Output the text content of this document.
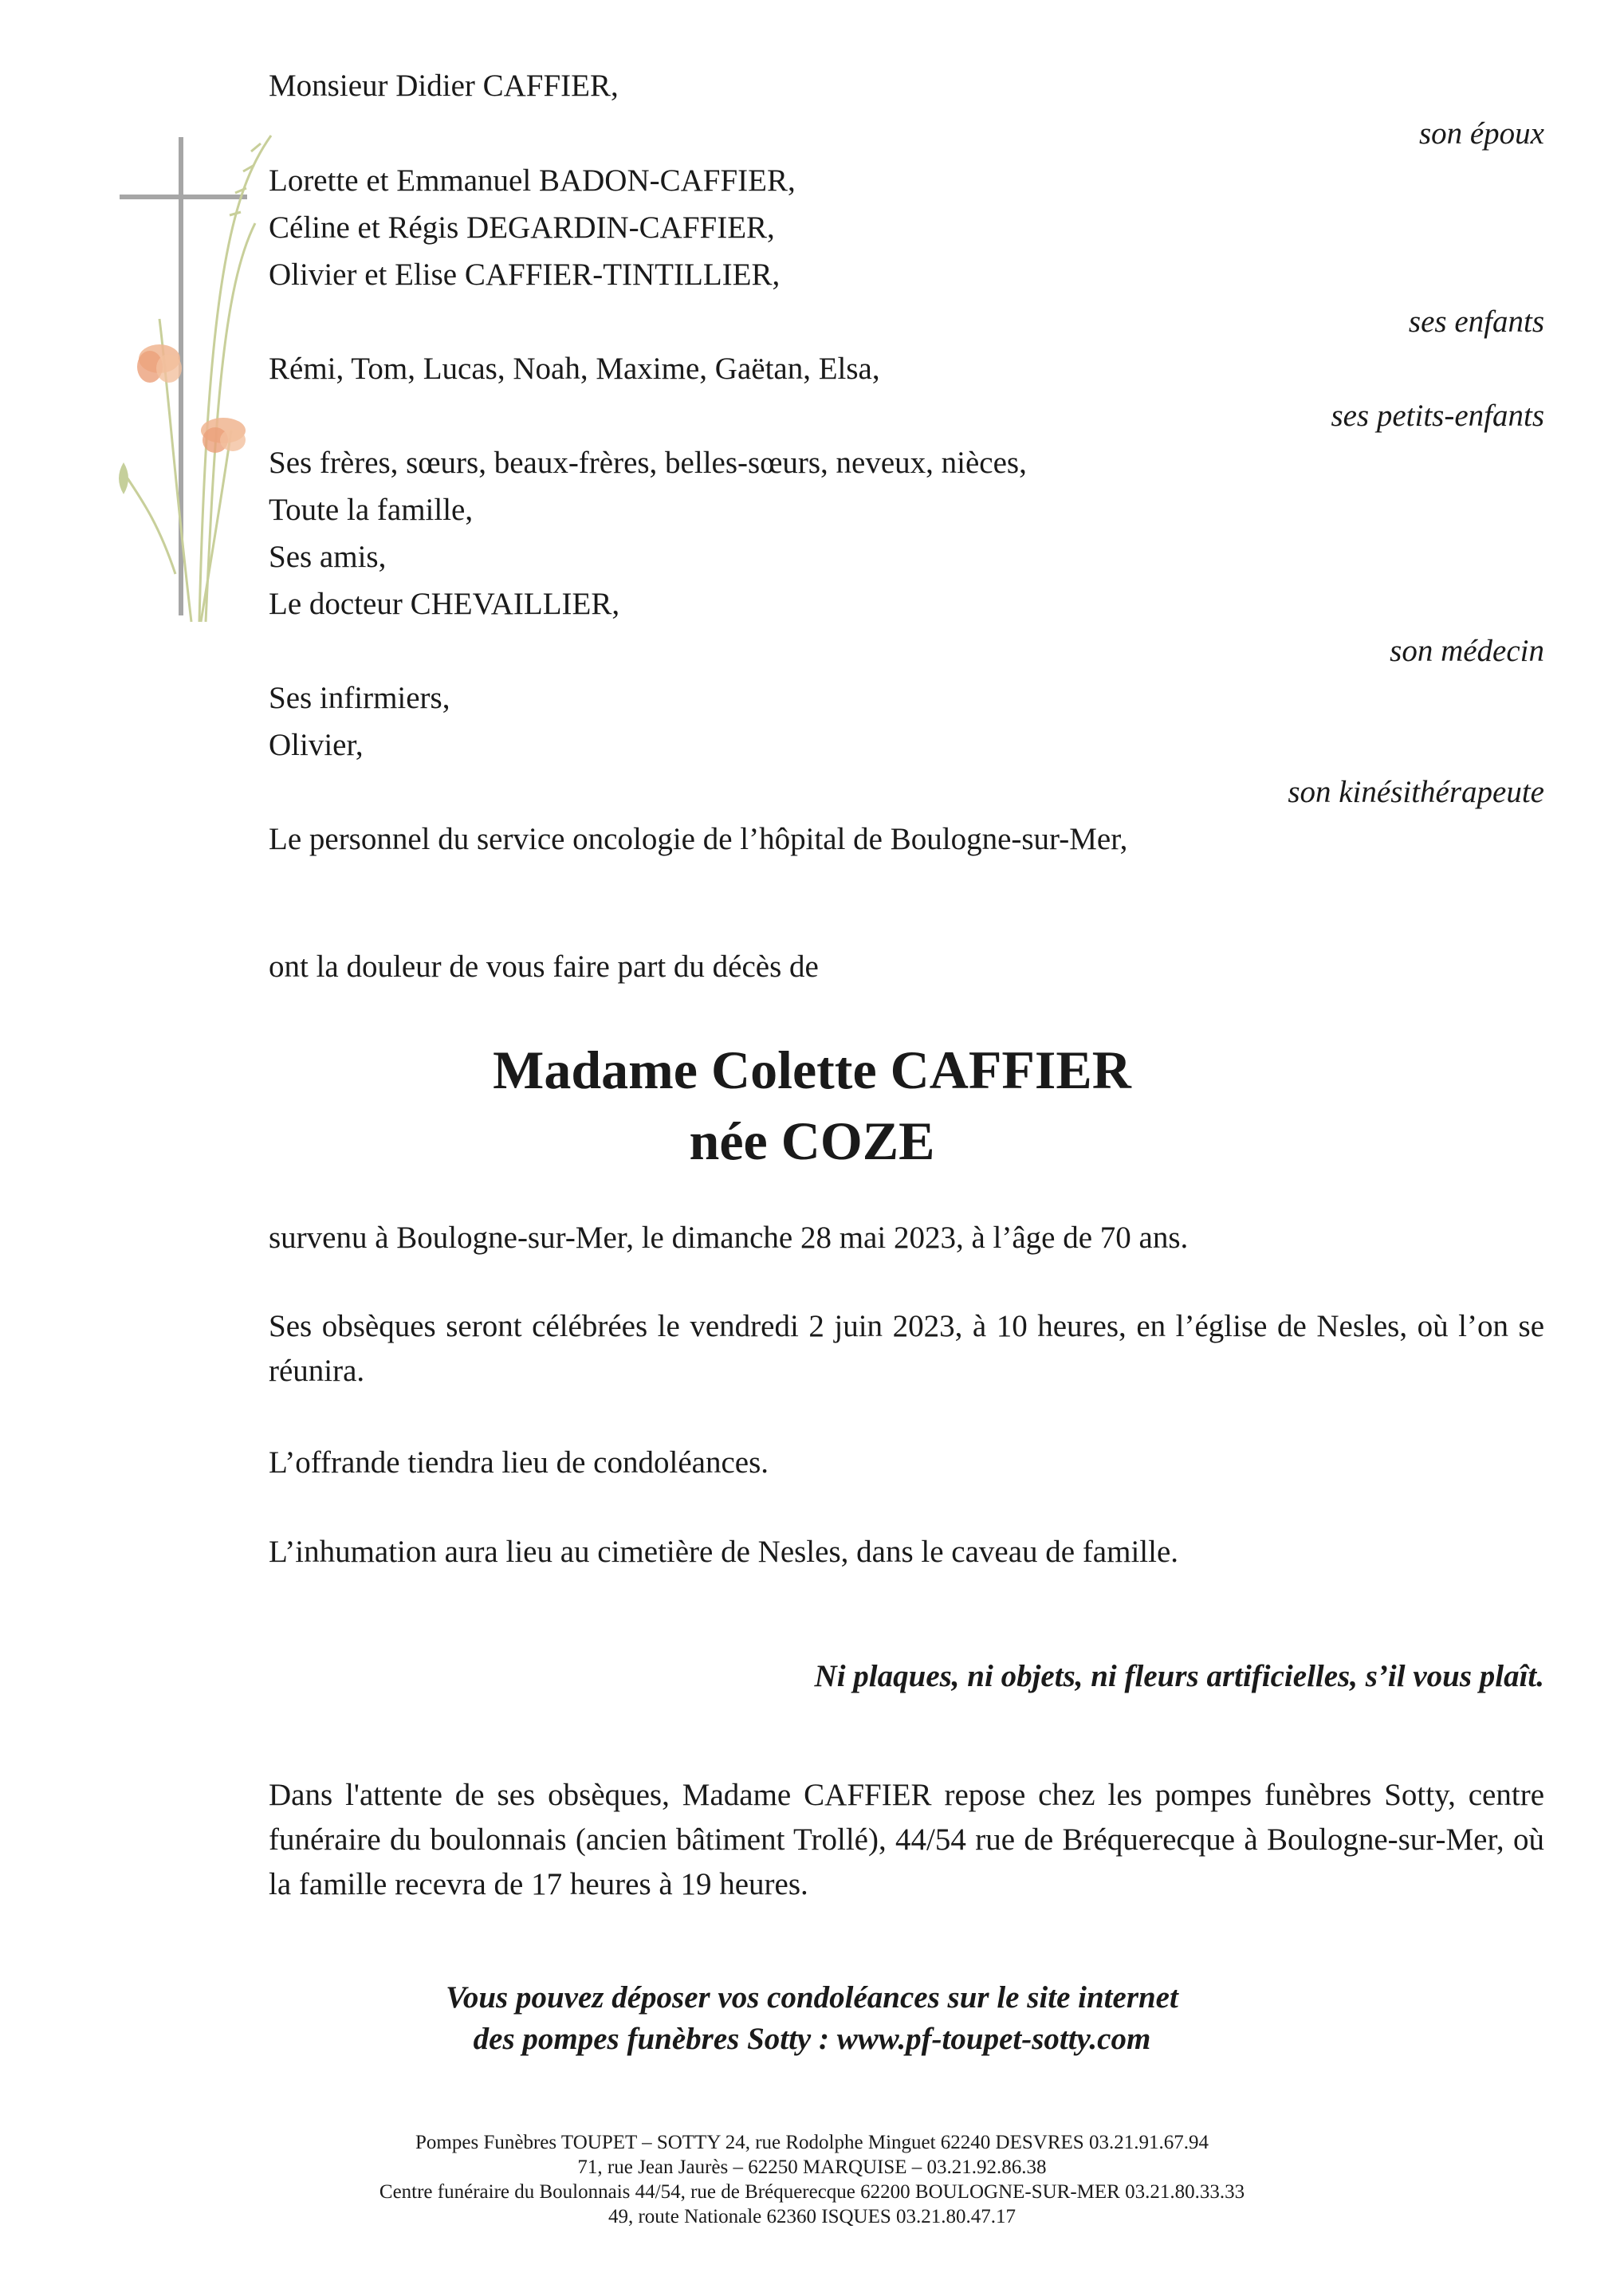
Monsieur Didier CAFFIER,
son époux
Lorette et Emmanuel BADON-CAFFIER,
Céline et Régis DEGARDIN-CAFFIER,
Olivier et Elise CAFFIER-TINTILLIER,
ses enfants
Rémi, Tom, Lucas, Noah, Maxime, Gaëtan, Elsa,
ses petits-enfants
Ses frères, sœurs, beaux-frères, belles-sœurs, neveux, nièces,
Toute la famille,
Ses amis,
Le docteur CHEVAILLIER,
son médecin
Ses infirmiers,
Olivier,
son kinésithérapeute
Le personnel du service oncologie de l’hôpital de Boulogne-sur-Mer,
ont la douleur de vous faire part du décès de
Madame Colette CAFFIER
née COZE
survenu à Boulogne-sur-Mer, le dimanche 28 mai 2023, à l’âge de 70 ans.
Ses obsèques seront célébrées le vendredi 2 juin 2023, à 10 heures, en l’église de Nesles, où l’on se réunira.
L’offrande tiendra lieu de condoléances.
L’inhumation aura lieu au cimetière de Nesles, dans le caveau de famille.
Ni plaques, ni objets, ni fleurs artificielles, s’il vous plaît.
Dans l'attente de ses obsèques, Madame CAFFIER repose chez les pompes funèbres Sotty, centre funéraire du boulonnais (ancien bâtiment Trollé), 44/54 rue de Bréquerecque à Boulogne-sur-Mer, où la famille recevra de 17 heures à 19 heures.
Vous pouvez déposer vos condoléances sur le site internet
des pompes funèbres Sotty : www.pf-toupet-sotty.com
Pompes Funèbres TOUPET – SOTTY 24, rue Rodolphe Minguet 62240 DESVRES 03.21.91.67.94
71, rue Jean Jaurès – 62250 MARQUISE – 03.21.92.86.38
Centre funéraire du Boulonnais 44/54, rue de Bréquerecque 62200 BOULOGNE-SUR-MER 03.21.80.33.33
49, route Nationale 62360 ISQUES 03.21.80.47.17
